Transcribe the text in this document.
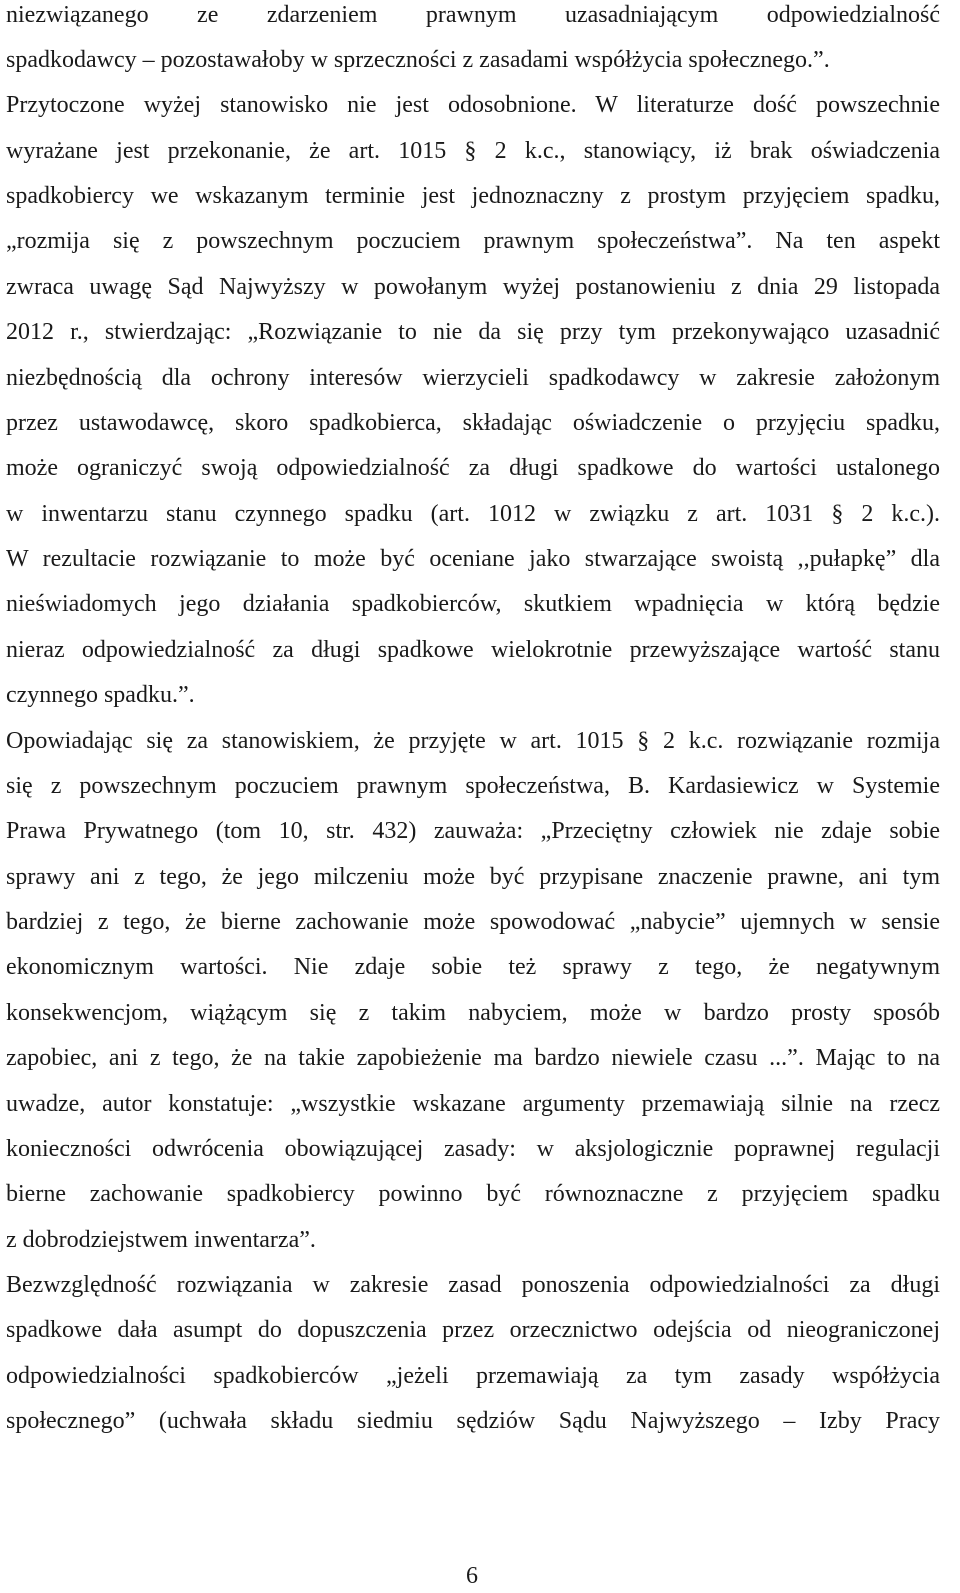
niezwiązanego ze zdarzeniem prawnym uzasadniającym odpowiedzialność
spadkodawcy – pozostawałoby w sprzeczności z zasadami współżycia społecznego.”.
Przytoczone wyżej stanowisko nie jest odosobnione. W literaturze dość powszechnie
wyrażane jest przekonanie, że art. 1015 § 2 k.c., stanowiący, iż brak oświadczenia
spadkobiercy we wskazanym terminie jest jednoznaczny z prostym przyjęciem spadku,
„rozmija się z powszechnym poczuciem prawnym społeczeństwa”. Na ten aspekt
zwraca uwagę Sąd Najwyższy w powołanym wyżej postanowieniu z dnia 29 listopada
2012 r., stwierdzając: „Rozwiązanie to nie da się przy tym przekonywająco uzasadnić
niezbędnością dla ochrony interesów wierzycieli spadkodawcy w zakresie założonym
przez ustawodawcę, skoro spadkobierca, składając oświadczenie o przyjęciu spadku,
może ograniczyć swoją odpowiedzialność za długi spadkowe do wartości ustalonego
w inwentarzu stanu czynnego spadku (art. 1012 w związku z art. 1031 § 2 k.c.).
W rezultacie rozwiązanie to może być oceniane jako stwarzające swoistą ,,pułapkę” dla
nieświadomych jego działania spadkobierców, skutkiem wpadnięcia w którą będzie
nieraz odpowiedzialność za długi spadkowe wielokrotnie przewyższające wartość stanu
czynnego spadku.”.
Opowiadając się za stanowiskiem, że przyjęte w art. 1015 § 2 k.c. rozwiązanie rozmija
się z powszechnym poczuciem prawnym społeczeństwa, B. Kardasiewicz w Systemie
Prawa Prywatnego (tom 10, str. 432) zauważa: „Przeciętny człowiek nie zdaje sobie
sprawy ani z tego, że jego milczeniu może być przypisane znaczenie prawne, ani tym
bardziej z tego, że bierne zachowanie może spowodować „nabycie” ujemnych w sensie
ekonomicznym wartości. Nie zdaje sobie też sprawy z tego, że negatywnym
konsekwencjom, wiążącym się z takim nabyciem, może w bardzo prosty sposób
zapobiec, ani z tego, że na takie zapobieżenie ma bardzo niewiele czasu ...”. Mając to na
uwadze, autor konstatuje: „wszystkie wskazane argumenty przemawiają silnie na rzecz
konieczności odwrócenia obowiązującej zasady: w aksjologicznie poprawnej regulacji
bierne zachowanie spadkobiercy powinno być równoznaczne z przyjęciem spadku
z dobrodziejstwem inwentarza”.
Bezwzględność rozwiązania w zakresie zasad ponoszenia odpowiedzialności za długi
spadkowe dała asumpt do dopuszczenia przez orzecznictwo odejścia od nieograniczonej
odpowiedzialności spadkobierców „jeżeli przemawiają za tym zasady współżycia
społecznego” (uchwała składu siedmiu sędziów Sądu Najwyższego – Izby Pracy
6
